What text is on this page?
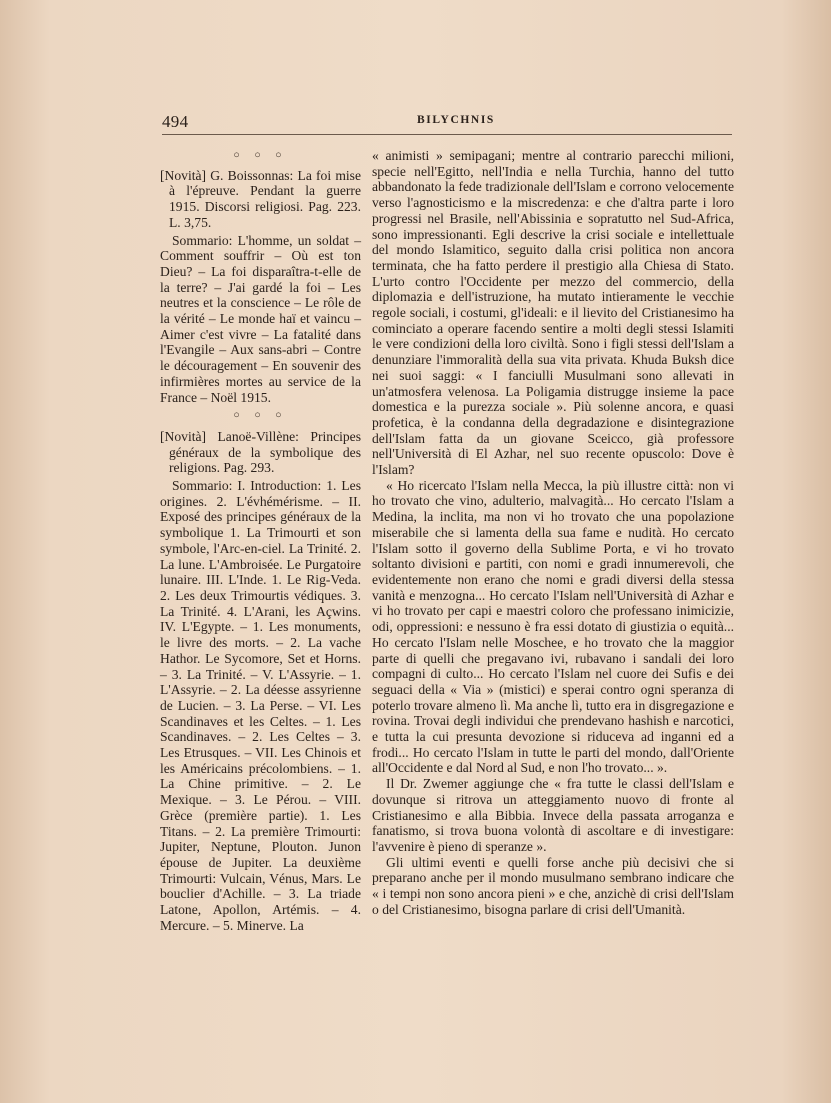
494	BILYCHNIS

○ ○ ○

[Novità] G. Boissonnas: La foi mise à l'épreuve. Pendant la guerre 1915. Discorsi religiosi. Pag. 223. L. 3,75.

Sommario: L'homme, un soldat – Comment souffrir – Où est ton Dieu? – La foi disparaîtra-t-elle de la terre? – J'ai gardé la foi – Les neutres et la conscience – Le rôle de la vérité – Le monde haï et vaincu – Aimer c'est vivre – La fatalité dans l'Evangile – Aux sans-abri – Contre le découragement – En souvenir des infirmières mortes au service de la France – Noël 1915.

○ ○ ○

[Novità] Lanoë-Villène: Principes généraux de la symbolique des religions. Pag. 293.

Sommario: I. Introduction: 1. Les origines. 2. L'évhémérisme. – II. Exposé des principes généraux de la symbolique 1. La Trimourti et son symbole, l'Arc-en-ciel. La Trinité. 2. La lune. L'Ambroisée. Le Purgatoire lunaire. III. L'Inde. 1. Le Rig-Veda. 2. Les deux Trimourtis védiques. 3. La Trinité. 4. L'Arani, les Açwins. IV. L'Egypte. – 1. Les monuments, le livre des morts. – 2. La vache Hathor. Le Sycomore, Set et Horns. – 3. La Trinité. – V. L'Assyrie. – 1. L'Assyrie. – 2. La déesse assyrienne de Lucien. – 3. La Perse. – VI. Les Scandinaves et les Celtes. – 1. Les Scandinaves. – 2. Les Celtes – 3. Les Etrusques. – VII. Les Chinois et les Américains précolombiens. – 1. La Chine primitive. – 2. Le Mexique. – 3. Le Pérou. – VIII. Grèce (première partie). 1. Les Titans. – 2. La première Trimourti: Jupiter, Neptune, Plouton. Junon épouse de Jupiter. La deuxième Trimourti: Vulcain, Vénus, Mars. Le bouclier d'Achille. – 3. La triade Latone, Apollon, Artémis. – 4. Mercure. – 5. Minerve. La

« animisti » semipagani; mentre al contrario parecchi milioni, specie nell'Egitto, nell'India e nella Turchia, hanno del tutto abbandonato la fede tradizionale dell'Islam e corrono velocemente verso l'agnosticismo e la miscredenza: e che d'altra parte i loro progressi nel Brasile, nell'Abissinia e sopratutto nel Sud-Africa, sono impressionanti. Egli descrive la crisi sociale e intellettuale del mondo Islamitico, seguito dalla crisi politica non ancora terminata, che ha fatto perdere il prestigio alla Chiesa di Stato. L'urto contro l'Occidente per mezzo del commercio, della diplomazia e dell'istruzione, ha mutato intieramente le vecchie regole sociali, i costumi, gl'ideali: e il lievito del Cristianesimo ha cominciato a operare facendo sentire a molti degli stessi Islamiti le vere condizioni della loro civiltà. Sono i figli stessi dell'Islam a denunziare l'immoralità della sua vita privata. Khuda Buksh dice nei suoi saggi: « I fanciulli Musulmani sono allevati in un'atmosfera velenosa. La Poligamia distrugge insieme la pace domestica e la purezza sociale ». Più solenne ancora, e quasi profetica, è la condanna della degradazione e disintegrazione dell'Islam fatta da un giovane Sceicco, già professore nell'Università di El Azhar, nel suo recente opuscolo: Dove è l'Islam?

« Ho ricercato l'Islam nella Mecca, la più illustre città: non vi ho trovato che vino, adulterio, malvagità... Ho cercato l'Islam a Medina, la inclita, ma non vi ho trovato che una popolazione miserabile che si lamenta della sua fame e nudità. Ho cercato l'Islam sotto il governo della Sublime Porta, e vi ho trovato soltanto divisioni e partiti, con nomi e gradi innumerevoli, che evidentemente non erano che nomi e gradi diversi della stessa vanità e menzogna... Ho cercato l'Islam nell'Università di Azhar e vi ho trovato per capi e maestri coloro che professano inimicizie, odi, oppressioni: e nessuno è fra essi dotato di giustizia o equità... Ho cercato l'Islam nelle Moschee, e ho trovato che la maggior parte di quelli che pregavano ivi, rubavano i sandali dei loro compagni di culto... Ho cercato l'Islam nel cuore dei Sufis e dei seguaci della « Via » (mistici) e sperai contro ogni speranza di poterlo trovare almeno lì. Ma anche lì, tutto era in disgregazione e rovina. Trovai degli individui che prendevano hashish e narcotici, e tutta la cui presunta devozione si riduceva ad inganni ed a frodi... Ho cercato l'Islam in tutte le parti del mondo, dall'Oriente all'Occidente e dal Nord al Sud, e non l'ho trovato... ».

Il Dr. Zwemer aggiunge che « fra tutte le classi dell'Islam e dovunque si ritrova un atteggiamento nuovo di fronte al Cristianesimo e alla Bibbia. Invece della passata arroganza e fanatismo, si trova buona volontà di ascoltare e di investigare: l'avvenire è pieno di speranze ».

Gli ultimi eventi e quelli forse anche più decisivi che si preparano anche per il mondo musulmano sembrano indicare che « i tempi non sono ancora pieni » e che, anzichè di crisi dell'Islam o del Cristianesimo, bisogna parlare di crisi dell'Umanità.
